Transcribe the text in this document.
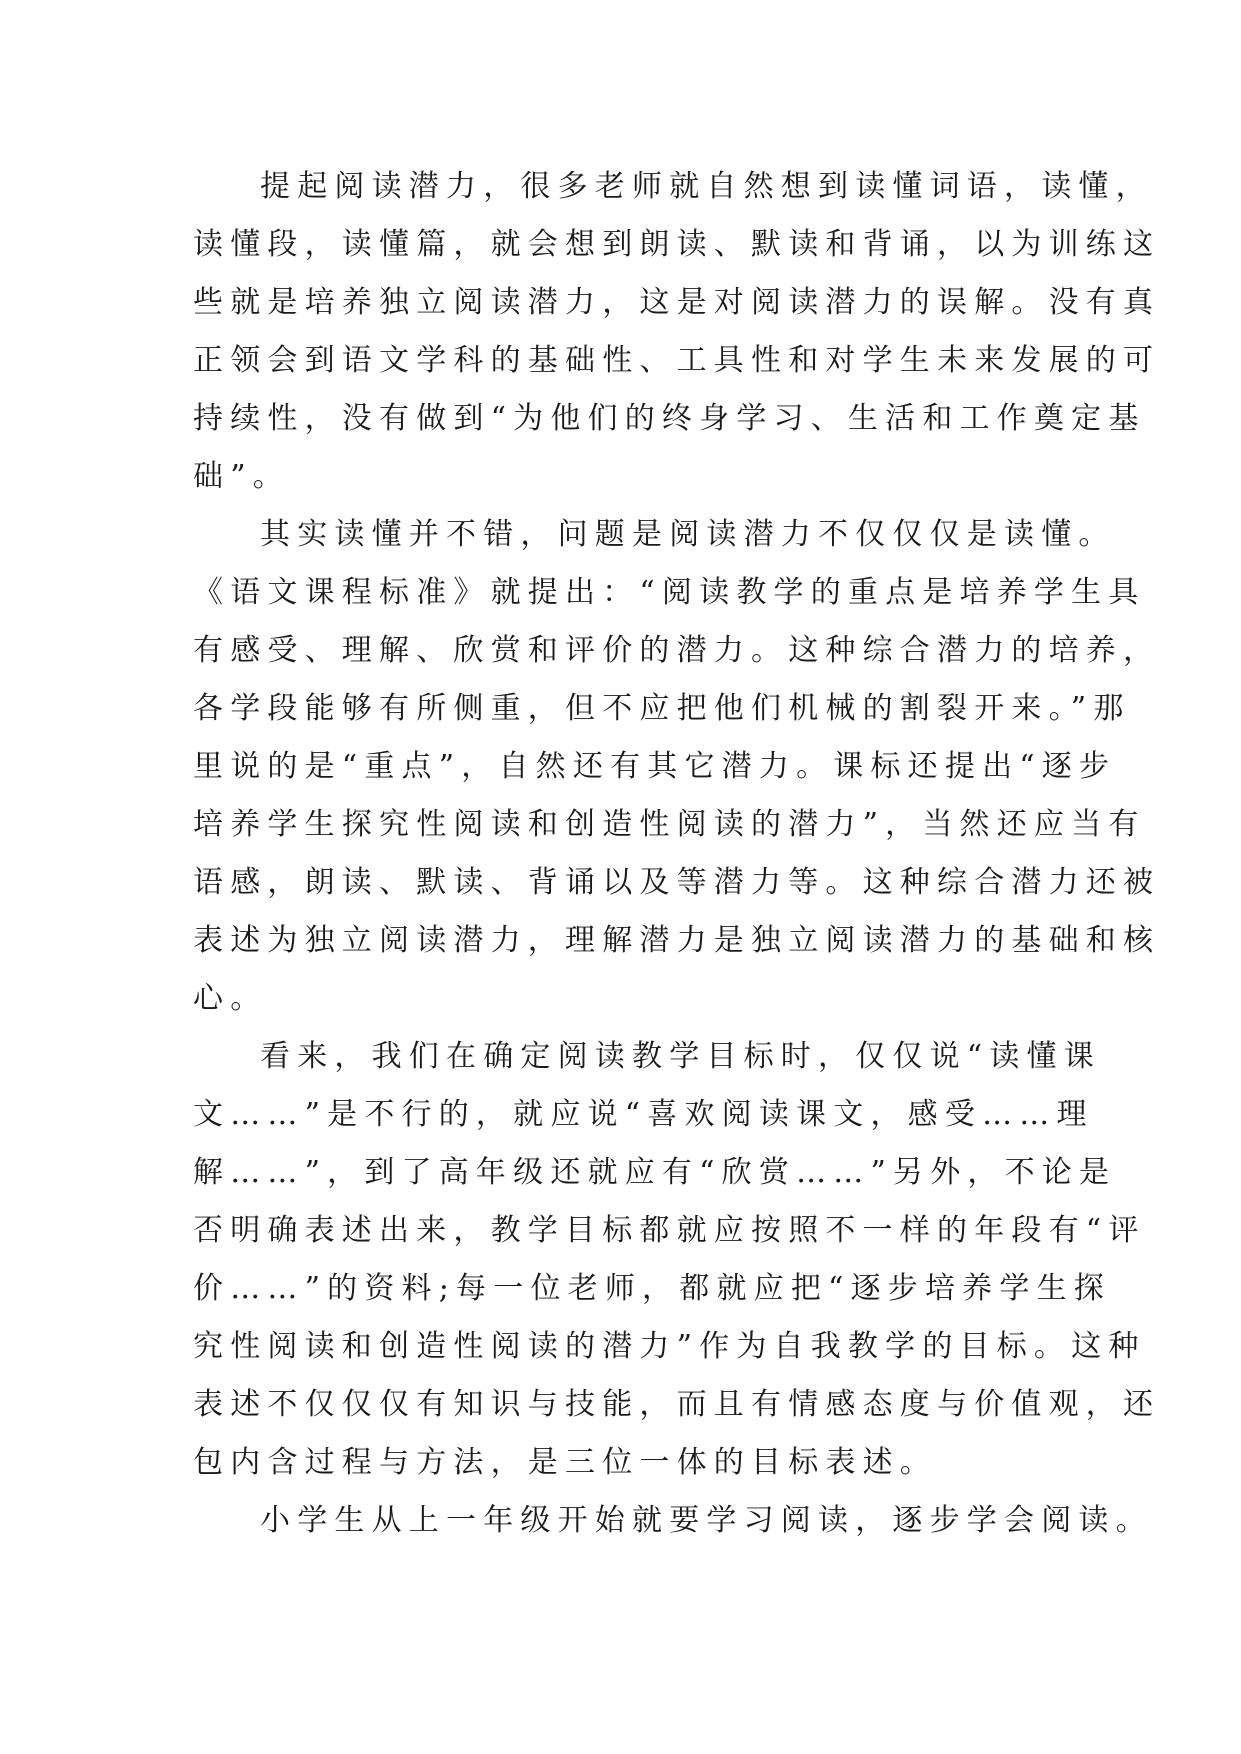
提起阅读潜力，很多老师就自然想到读懂词语，读懂，
读懂段，读懂篇，就会想到朗读、默读和背诵，以为训练这
些就是培养独立阅读潜力，这是对阅读潜力的误解。没有真
正领会到语文学科的基础性、工具性和对学生未来发展的可
持续性，没有做到“为他们的终身学习、生活和工作奠定基
础”。
其实读懂并不错，问题是阅读潜力不仅仅仅是读懂。
《语文课程标准》就提出：“阅读教学的重点是培养学生具
有感受、理解、欣赏和评价的潜力。这种综合潜力的培养，
各学段能够有所侧重，但不应把他们机械的割裂开来。”那
里说的是“重点”，自然还有其它潜力。课标还提出“逐步
培养学生探究性阅读和创造性阅读的潜力”，当然还应当有
语感，朗读、默读、背诵以及等潜力等。这种综合潜力还被
表述为独立阅读潜力，理解潜力是独立阅读潜力的基础和核
心。
看来，我们在确定阅读教学目标时，仅仅说“读懂课
文……”是不行的，就应说“喜欢阅读课文，感受……理
解……”，到了高年级还就应有“欣赏……”另外，不论是
否明确表述出来，教学目标都就应按照不一样的年段有“评
价……”的资料;每一位老师，都就应把“逐步培养学生探
究性阅读和创造性阅读的潜力”作为自我教学的目标。这种
表述不仅仅仅有知识与技能，而且有情感态度与价值观，还
包内含过程与方法，是三位一体的目标表述。
小学生从上一年级开始就要学习阅读，逐步学会阅读。
